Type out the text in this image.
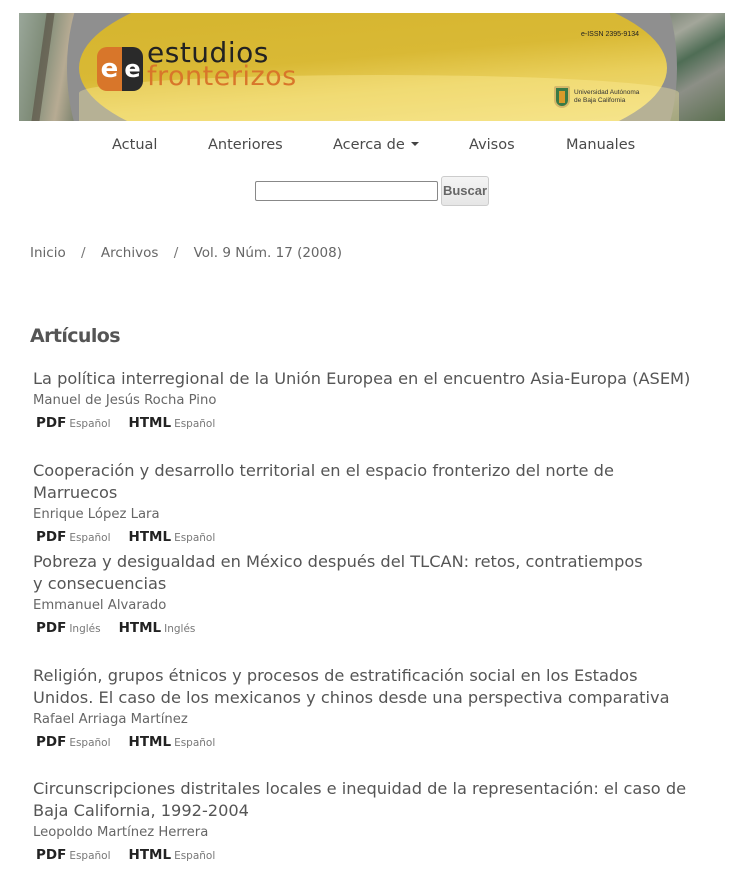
e e estudios
fronterizos
e-ISSN 2395-9134
Universidad Autónoma
de Baja California
Actual	Anteriores	Acerca de	Avisos	Manuales
Buscar
Inicio / Archivos / Vol. 9 Núm. 17 (2008)
Artículos
La política interregional de la Unión Europea en el encuentro Asia-Europa (ASEM)
Manuel de Jesús Rocha Pino
PDF Español HTML Español
Cooperación y desarrollo territorial en el espacio fronterizo del norte de Marruecos
Enrique López Lara
PDF Español HTML Español
Pobreza y desigualdad en México después del TLCAN: retos, contratiempos y consecuencias
Emmanuel Alvarado
PDF Inglés HTML Inglés
Religión, grupos étnicos y procesos de estratificación social en los Estados Unidos. El caso de los mexicanos y chinos desde una perspectiva comparativa
Rafael Arriaga Martínez
PDF Español HTML Español
Circunscripciones distritales locales e inequidad de la representación: el caso de Baja California, 1992-2004
Leopoldo Martínez Herrera
PDF Español HTML Español
